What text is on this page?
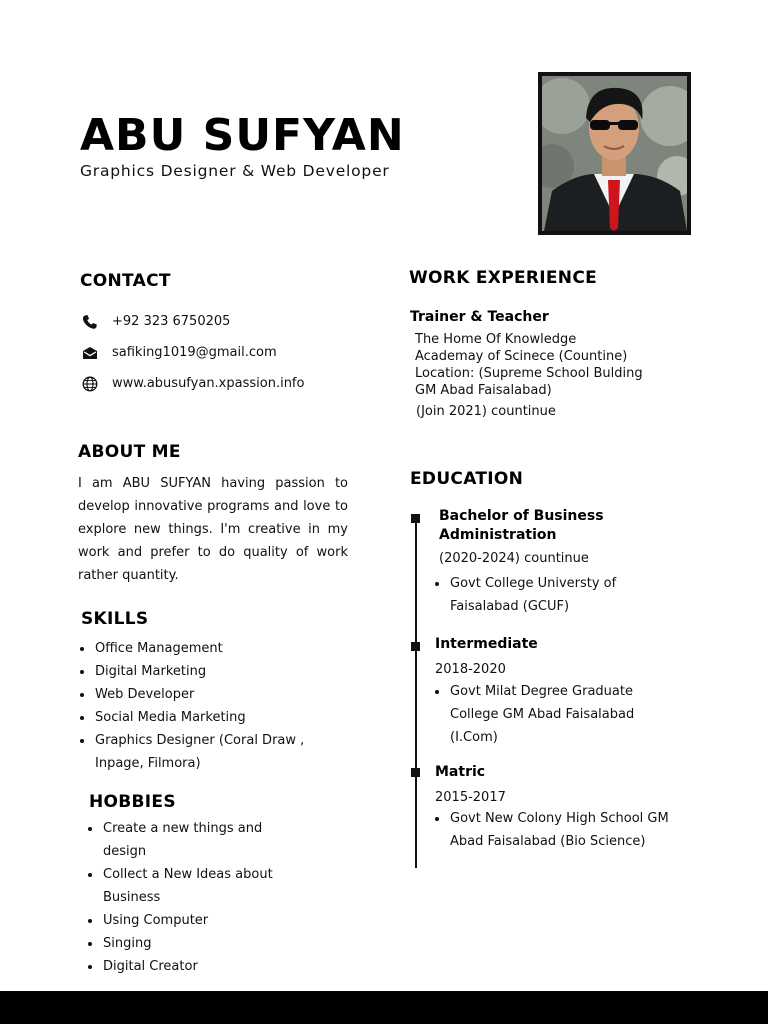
ABU SUFYAN
Graphics Designer & Web Developer
CONTACT
+92 323 6750205
safiking1019@gmail.com
www.abusufyan.xpassion.info
ABOUT ME
I am ABU SUFYAN having passion to develop innovative programs and love to explore new things. I'm creative in my work and prefer to do quality of work rather quantity.
SKILLS
Office Management
Digital Marketing
Web Developer
Social Media Marketing
Graphics Designer (Coral Draw , Inpage, Filmora)
HOBBIES
Create a new things and design
Collect a New Ideas about Business
Using Computer
Singing
Digital Creator
WORK EXPERIENCE
Trainer & Teacher
The Home Of Knowledge
Academay of Scinece (Countine)
Location: (Supreme School Bulding
GM Abad Faisalabad)
(Join 2021) countinue
EDUCATION
Bachelor of Business
Administration
(2020-2024) countinue
Govt College Universty of Faisalabad (GCUF)
Intermediate
2018-2020
Govt Milat Degree Graduate College GM Abad Faisalabad (I.Com)
Matric
2015-2017
Govt New Colony High School GM Abad Faisalabad (Bio Science)
